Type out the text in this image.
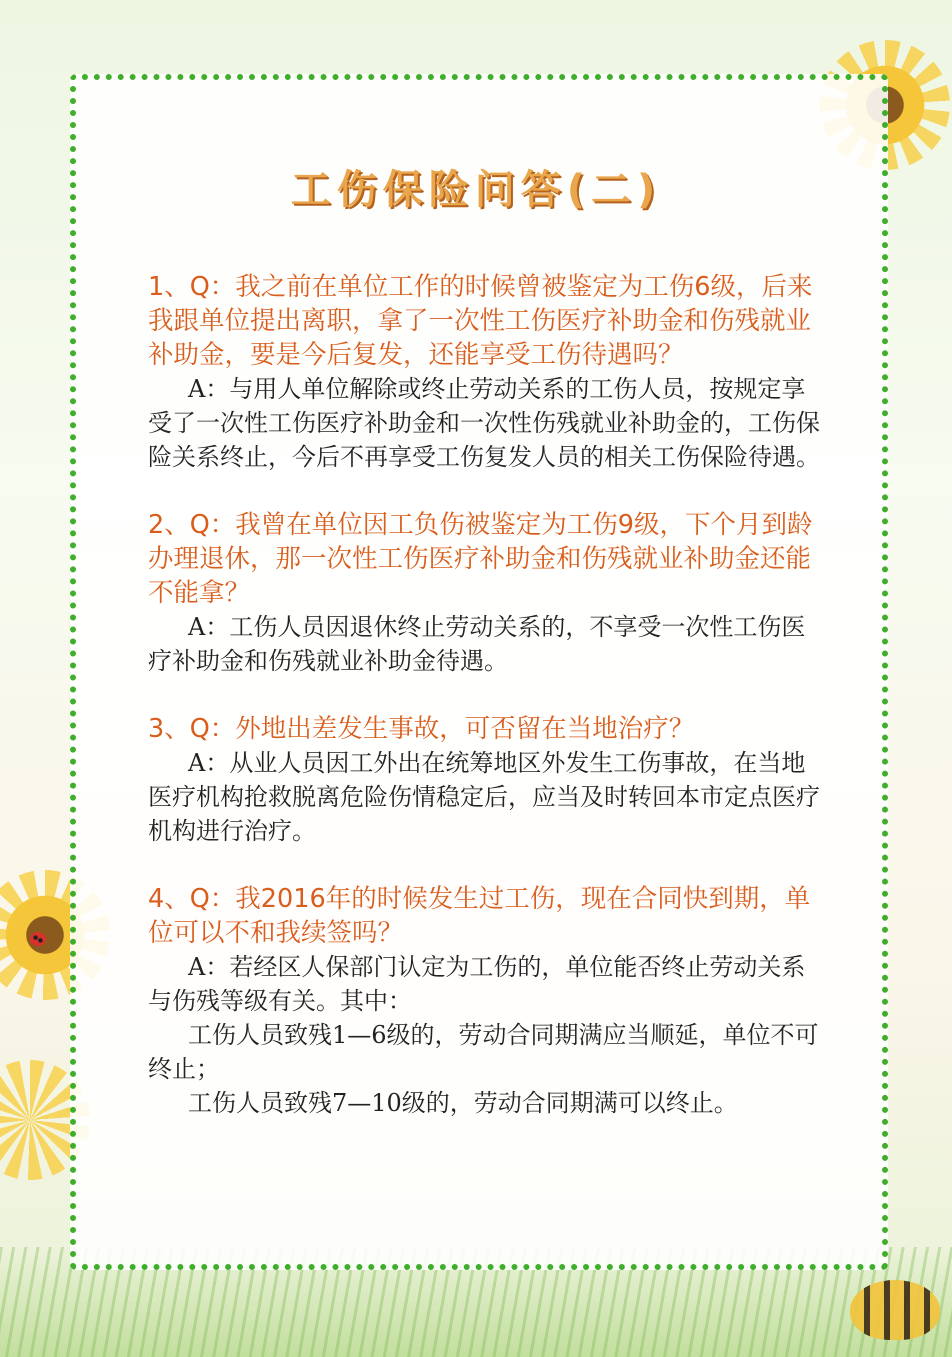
工伤保险问答(二)

1、Q：我之前在单位工作的时候曾被鉴定为工伤6级，后来我跟单位提出离职，拿了一次性工伤医疗补助金和伤残就业补助金，要是今后复发，还能享受工伤待遇吗？

A：与用人单位解除或终止劳动关系的工伤人员，按规定享受了一次性工伤医疗补助金和一次性伤残就业补助金的，工伤保险关系终止，今后不再享受工伤复发人员的相关工伤保险待遇。

2、Q：我曾在单位因工负伤被鉴定为工伤9级，下个月到龄办理退休，那一次性工伤医疗补助金和伤残就业补助金还能不能拿？

A：工伤人员因退休终止劳动关系的，不享受一次性工伤医疗补助金和伤残就业补助金待遇。

3、Q：外地出差发生事故，可否留在当地治疗？

A：从业人员因工外出在统筹地区外发生工伤事故，在当地医疗机构抢救脱离危险伤情稳定后，应当及时转回本市定点医疗机构进行治疗。

4、Q：我2016年的时候发生过工伤，现在合同快到期，单位可以不和我续签吗？

A：若经区人保部门认定为工伤的，单位能否终止劳动关系与伤残等级有关。其中：

工伤人员致残1—6级的，劳动合同期满应当顺延，单位不可终止；

工伤人员致残7—10级的，劳动合同期满可以终止。
